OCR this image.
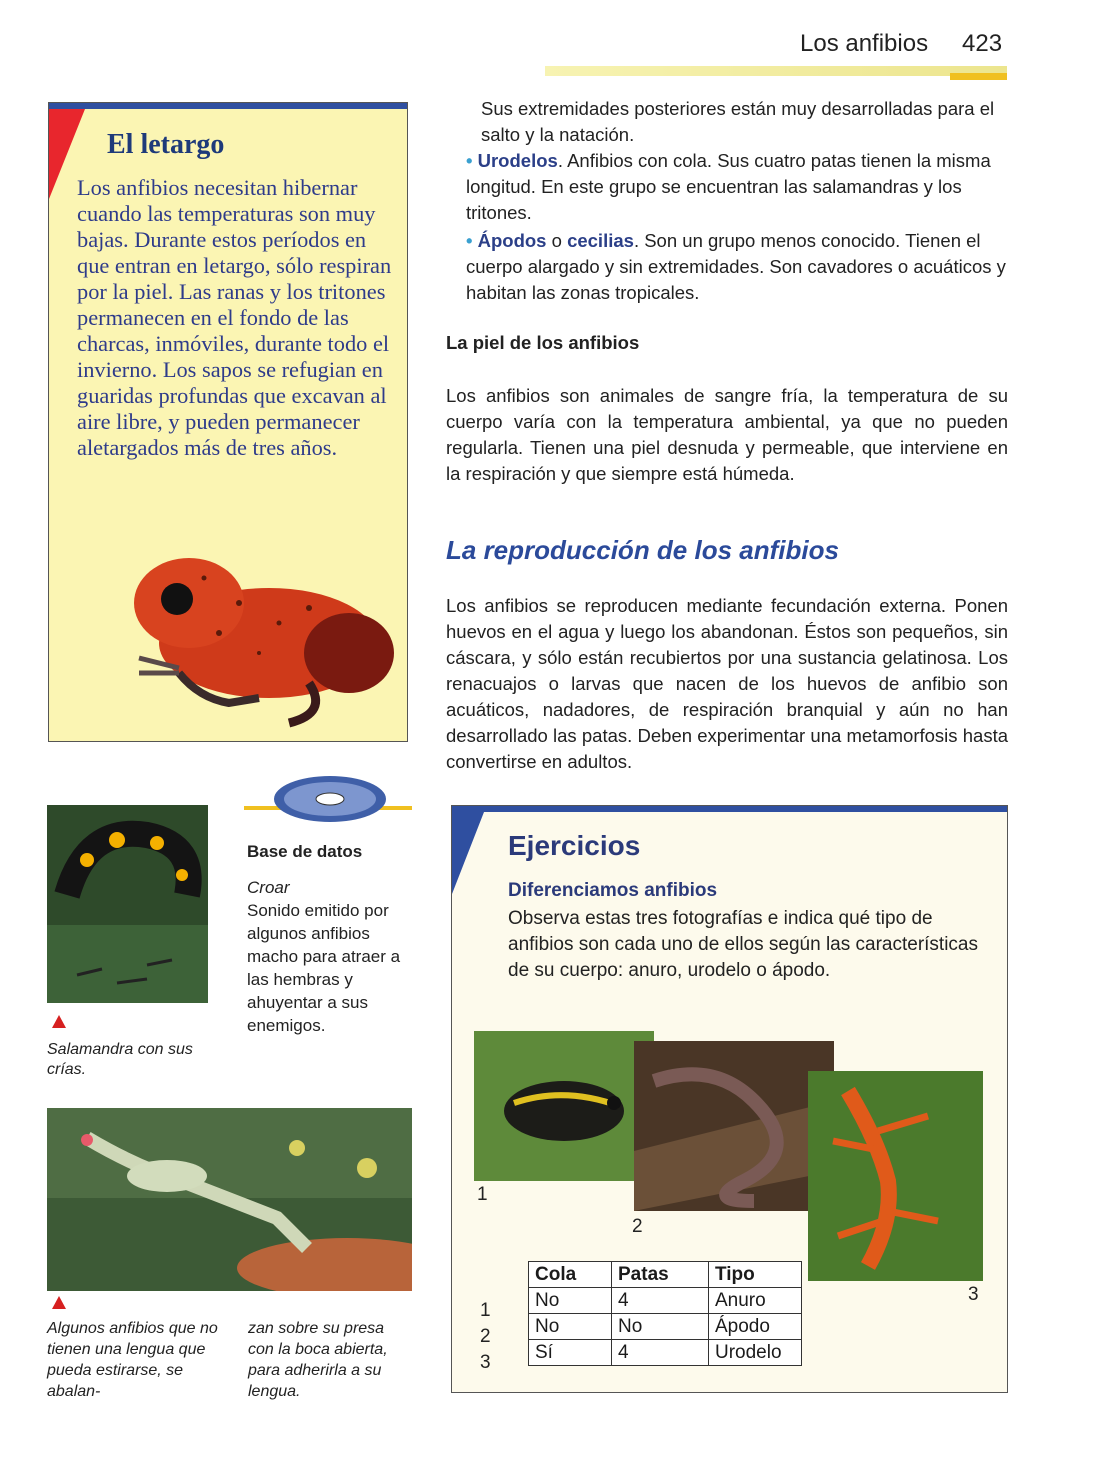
Los anfibios 423
El letargo

Los anfibios necesitan hibernar cuando las temperaturas son muy bajas. Durante estos períodos en que entran en letargo, sólo respiran por la piel. Las ranas y los tritones permanecen en el fondo de las charcas, inmóviles, durante todo el invierno. Los sapos se refugian en guaridas profundas que excavan al aire libre, y pueden permanecer aletargados más de tres años.

Sus extremidades posteriores están muy desarrolladas para el salto y la natación.

• Urodelos. Anfibios con cola. Sus cuatro patas tienen la misma longitud. En este grupo se encuentran las salamandras y los tritones.

• Ápodos o cecilias. Son un grupo menos conocido. Tienen el cuerpo alargado y sin extremidades. Son cavadores o acuáticos y habitan las zonas tropicales.

La piel de los anfibios

Los anfibios son animales de sangre fría, la temperatura de su cuerpo varía con la temperatura ambiental, ya que no pueden regularla. Tienen una piel desnuda y permeable, que interviene en la respiración y que siempre está húmeda.

La reproducción de los anfibios

Los anfibios se reproducen mediante fecundación externa. Ponen huevos en el agua y luego los abandonan. Éstos son pequeños, sin cáscara, y sólo están recubiertos por una sustancia gelatinosa. Los renacuajos o larvas que nacen de los huevos de anfibio son acuáticos, nadadores, de respiración branquial y aún no han desarrollado las patas. Deben experimentar una metamorfosis hasta convertirse en adultos.

Salamandra con sus crías.
Base de datos
Croar
Sonido emitido por algunos anfibios macho para atraer a las hembras y ahuyentar a sus enemigos.
Algunos anfibios que no tienen una lengua que pueda estirarse, se abalan-
zan sobre su presa con la boca abierta, para adherirla a su lengua.
Ejercicios
Diferenciamos anfibios

Observa estas tres fotografías e indica qué tipo de anfibios son cada uno de ellos según las características de su cuerpo: anuro, urodelo o ápodo.

1
2
3
1
2
3
Cola	Patas	Tipo
No	4	Anuro
No	No	Ápodo
Sí	4	Urodelo
